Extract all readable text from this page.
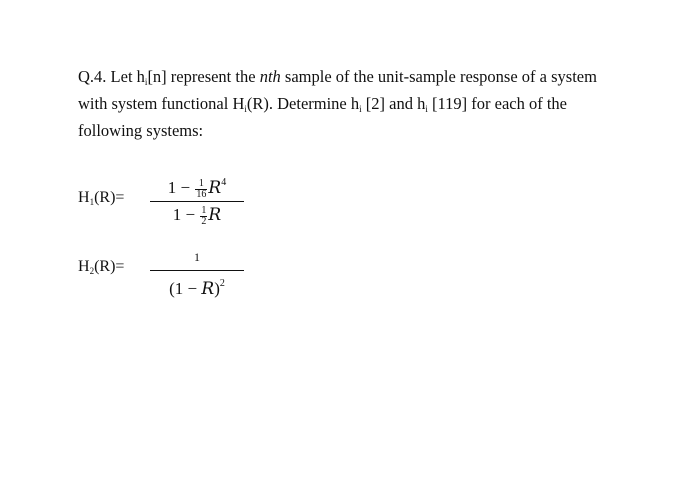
Q.4. Let $h_i[n]$ represent the nth sample of the unit-sample response of a system
with system functional $H_i(R)$. Determine $h_i$ [2] and $h_i$ [119] for each of the
following systems:
$H_1(R)=$
$1 - \frac{1}{16} R^4$
$1 - \frac{1}{2}$ R
$H_2(R)=$
1
$(1 - R)^2$
